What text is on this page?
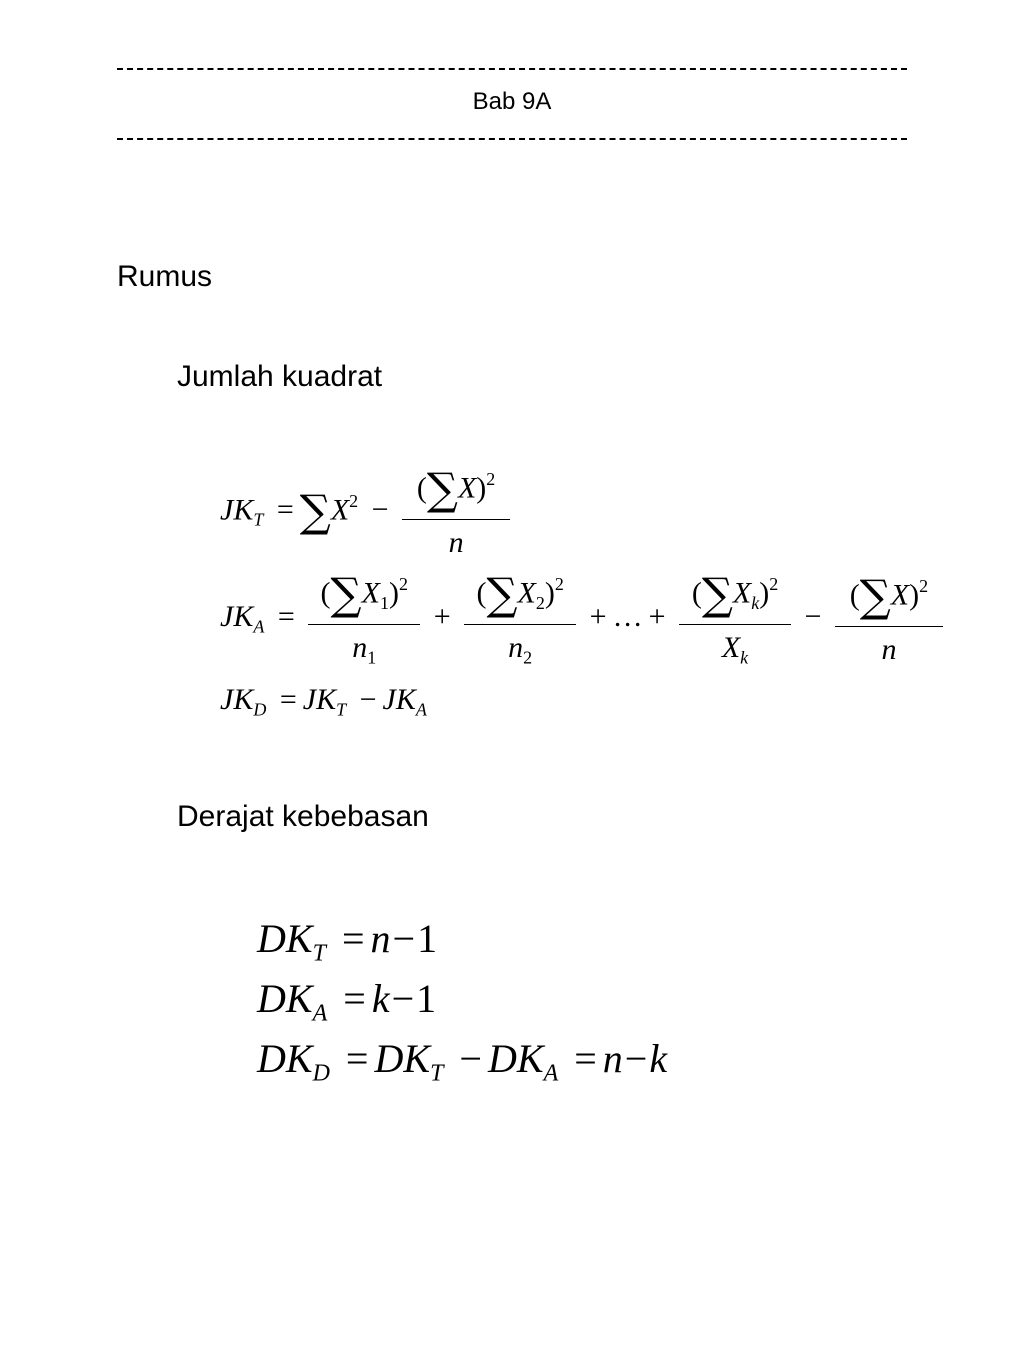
Bab 9A
Rumus
Jumlah kuadrat
$JK_T = \sum X^2 - \frac{(\sum X)^2}{n}$
$JK_A = \frac{(\sum X_1)^2}{n_1} + \frac{(\sum X_2)^2}{n_2}$ + … + $\frac{(\sum X_k)^2}{X_k} - \frac{(\sum X)^2}{n}$
$JK_D = JK_T - JK_A$
Derajat kebebasan
$DK_T = n-1$
$DK_A = k-1$
$DK_D = DK_T - DK_A = n-k$
